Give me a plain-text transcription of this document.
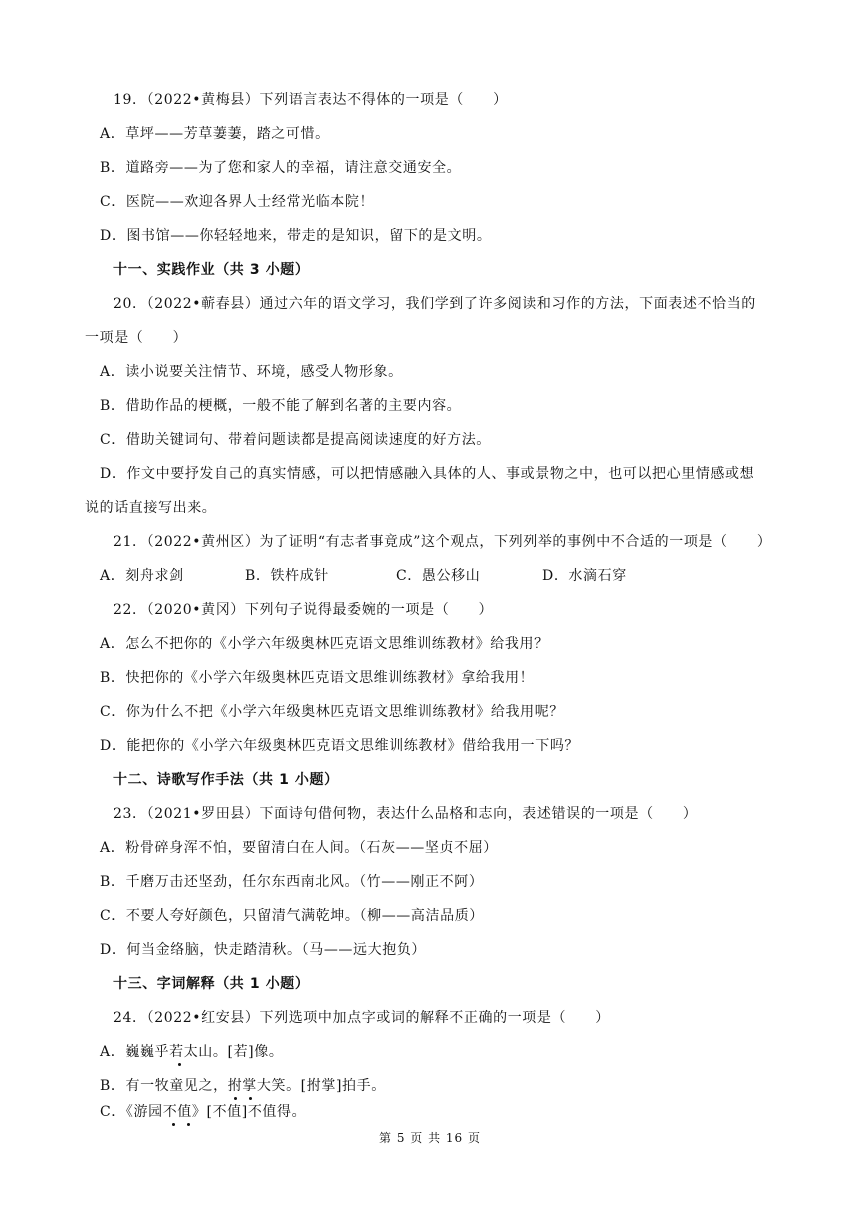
19．（2022•黄梅县）下列语言表达不得体的一项是（　　）
A．草坪——芳草萋萋，踏之可惜。
B．道路旁——为了您和家人的幸福，请注意交通安全。
C．医院——欢迎各界人士经常光临本院！
D．图书馆——你轻轻地来，带走的是知识，留下的是文明。
十一、实践作业（共 3 小题）
20．（2022•蕲春县）通过六年的语文学习，我们学到了许多阅读和习作的方法，下面表述不恰当的
一项是（　　）
A．读小说要关注情节、环境，感受人物形象。
B．借助作品的梗概，一般不能了解到名著的主要内容。
C．借助关键词句、带着问题读都是提高阅读速度的好方法。
D．作文中要抒发自己的真实情感，可以把情感融入具体的人、事或景物之中，也可以把心里情感或想
说的话直接写出来。
21．（2022•黄州区）为了证明“有志者事竟成”这个观点，下列列举的事例中不合适的一项是（　　）
A．刻舟求剑	B．铁杵成针	C．愚公移山	D．水滴石穿
22．（2020•黄冈）下列句子说得最委婉的一项是（　　）
A．怎么不把你的《小学六年级奥林匹克语文思维训练教材》给我用？
B．快把你的《小学六年级奥林匹克语文思维训练教材》拿给我用！
C．你为什么不把《小学六年级奥林匹克语文思维训练教材》给我用呢？
D．能把你的《小学六年级奥林匹克语文思维训练教材》借给我用一下吗？
十二、诗歌写作手法（共 1 小题）
23．（2021•罗田县）下面诗句借何物，表达什么品格和志向，表述错误的一项是（　　）
A．粉骨碎身浑不怕，要留清白在人间。（石灰——坚贞不屈）
B．千磨万击还坚劲，任尔东西南北风。（竹——刚正不阿）
C．不要人夸好颜色，只留清气满乾坤。（柳——高洁品质）
D．何当金络脑，快走踏清秋。（马——远大抱负）
十三、字词解释（共 1 小题）
24．（2022•红安县）下列选项中加点字或词的解释不正确的一项是（　　）
A．巍巍乎若太山。[若]像。
B．有一牧童见之，拊掌大笑。[拊掌]拍手。
C．《游园不值》[不值]不值得。
第 5 页 共 16 页
